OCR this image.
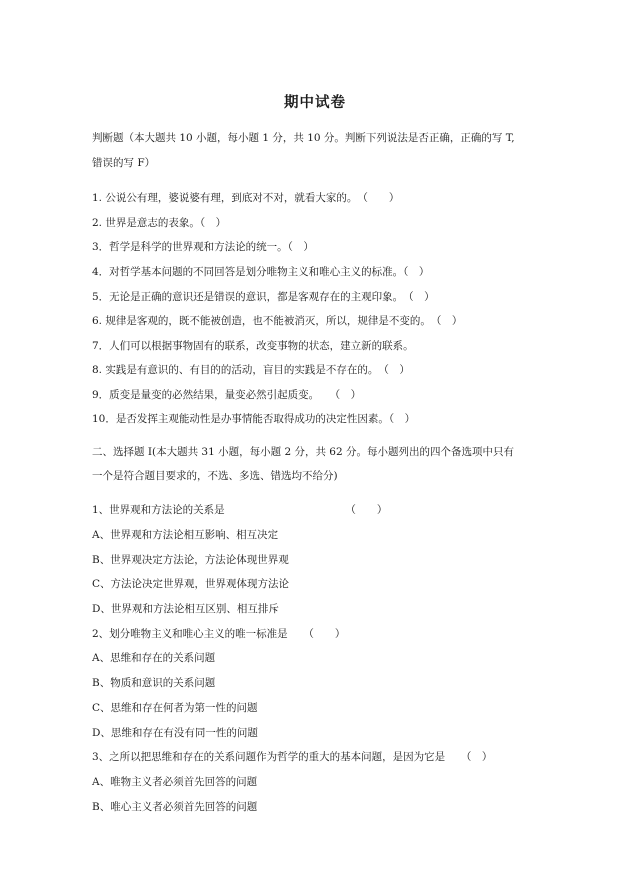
期中试卷
判断题（本大题共 10 小题，每小题 1 分，共 10 分。判断下列说法是否正确，正确的写 T,
错误的写 F）
1. 公说公有理，婆说婆有理，到底对不对，就看大家的。　（　　）
2. 世界是意志的表象。（　）
3．哲学是科学的世界观和方法论的统一。（　）
4．对哲学基本问题的不同回答是划分唯物主义和唯心主义的标准。（　）
5．无论是正确的意识还是错误的意识，都是客观存在的主观印象。　（　）
6. 规律是客观的，既不能被创造，也不能被消灭，所以，规律是不变的。　（　）
7．人们可以根据事物固有的联系，改变事物的状态，建立新的联系。
8. 实践是有意识的、有目的的活动，盲目的实践是不存在的。　（　）
9．质变是量变的必然结果，量变必然引起质变。　　（　）
10．是否发挥主观能动性是办事情能否取得成功的决定性因素。（　）
二、选择题 I(本大题共 31 小题，每小题 2 分，共 62 分。每小题列出的四个备选项中只有
一个是符合题目要求的，不选、多选、错选均不给分)
1、世界观和方法论的关系是　　　　　　　　　　　　（　　）
A、世界观和方法论相互影响、相互决定
B、世界观决定方法论，方法论体现世界观
C、方法论决定世界观，世界观体现方法论
D、世界观和方法论相互区别、相互排斥
2、划分唯物主义和唯心主义的唯一标准是　　（　　）
A、思维和存在的关系问题
B、物质和意识的关系问题
C、思维和存在何者为第一性的问题
D、思维和存在有没有同一性的问题
3、之所以把思维和存在的关系问题作为哲学的重大的基本问题，是因为它是　　（　）
A、唯物主义者必须首先回答的问题
B、唯心主义者必须首先回答的问题
